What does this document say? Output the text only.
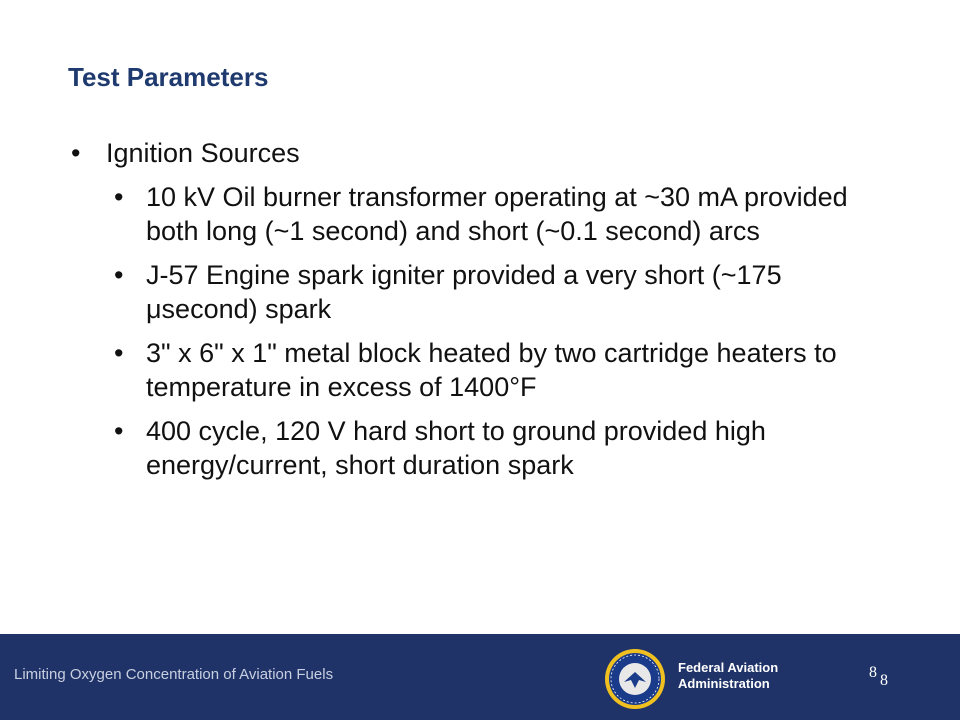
Test Parameters
• Ignition Sources
• 10 kV Oil burner transformer operating at ~30 mA provided both long (~1 second) and short (~0.1 second) arcs
• J-57 Engine spark igniter provided a very short (~175 μsecond) spark
• 3" x 6" x 1" metal block heated by two cartridge heaters to temperature in excess of 1400°F
• 400 cycle, 120 V hard short to ground provided high energy/current, short duration spark
Limiting Oxygen Concentration of Aviation Fuels	Federal Aviation
Administration
8 8
